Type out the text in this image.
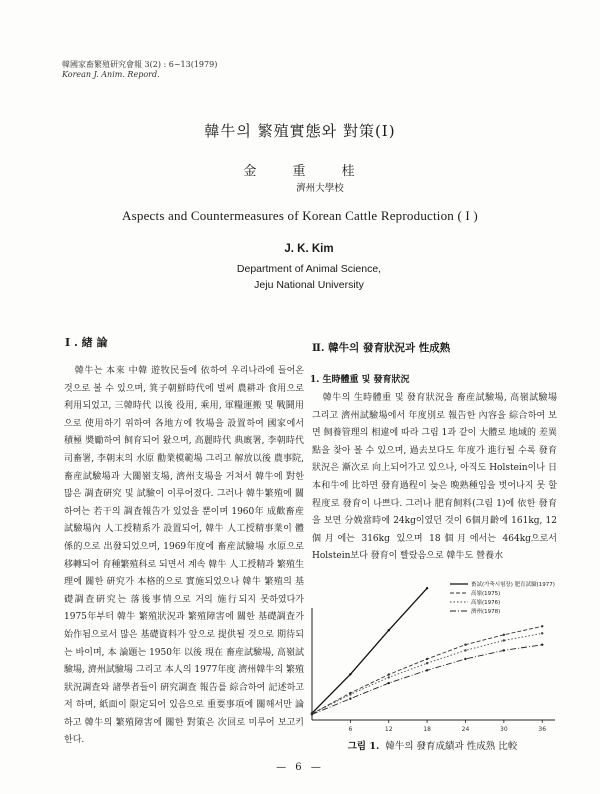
韓國家畜繁殖研究會報 3(2) : 6~13(1979)
Korean J. Anim. Repord.
韓牛의 繁殖實態와 對策(I)
金 重 桂
濟州大學校
Aspects and Countermeasures of Korean Cattle Reproduction ( I )
J. K. Kim
Department of Animal Science,
Jeju National University
I . 緖 論

韓牛는 本來 中韓 遊牧民들에 依하여 우리나라에 들어온 것으로 볼 수 있으며, 箕子朝鮮時代에 벌써 農耕과 食用으로 利用되었고, 三韓時代 以後 役用, 乘用, 軍糧運搬 및 戰鬪用으로 使用하기 위하여 各地方에 牧場을 設置하여 國家에서 積極 奬勵하여 飼育되어 왔으며, 高麗時代 典廐署, 李朝時代 司畜署, 李朝末의 水原 勸業模範場 그리고 解放以後 農事院, 畜産試驗場과 大關嶺支場, 濟州支場을 거쳐서 韓牛에 對한 많은 調査硏究 및 試驗이 이루어졌다. 그러나 韓牛繁殖에 關하여는 若干의 調査報告가 있었을 뿐이며 1960年 成歡畜産試驗場內 人工授精系가 設置되어, 韓牛 人工授精事業이 體係的으로 出發되었으며, 1969年度에 畜産試驗場 水原으로 移轉되어 育種繁殖科로 되면서 계속 韓牛 人工授精과 繁殖生理에 關한 硏究가 本格的으로 實施되었으나 韓牛 繁殖의 基礎調査硏究는 落後事情으로 거의 施行되지 못하였다가 1975年부터 韓牛 繁殖狀況과 繁殖障害에 關한 基礎調査가 始作됨으로서 많은 基礎資料가 앞으로 提供될 것으로 期待되는 바이며, 本 論題는 1950年 以後 現在 畜産試驗場, 高嶺試驗場, 濟州試驗場 그리고 本人의 1977年度 濟州韓牛의 繁殖狀況調査와 諸學者들이 硏究調査 報告를 綜合하여 記述하고저 하며, 紙面이 限定되어 있음으로 重要事項에 關해서만 論하고 韓牛의 繁殖障害에 關한 對策은 次回로 미루어 보고키 한다.

Ⅱ. 韓牛의 發育狀況과 性成熟
1. 生時體重 및 發育狀況

韓牛의 生時體重 및 發育狀況을 畜産試驗場, 高嶺試驗場 그리고 濟州試驗場에서 年度別로 報告한 內容을 綜合하여 보면 飼養管理의 相違에 따라 그림 1과 같이 大體로 地域的 差異點을 찾아 볼 수 있으며, 過去보다도 年度가 進行될 수록 發育狀況은 漸次로 向上되어가고 있으나, 아직도 Holstein이나 日本和牛에 比하면 發育過程이 늦은 晩熟種임을 벗어나지 못 할 程度로 發育이 나쁘다. 그러나 肥育飼料(그림 1)에 依한 發育을 보면 分娩當時에 24kg이였던 것이 6個月齡에 161kg, 12個月에는 316kg 있으며 18個月에서는 464kg으로서 Holstein보다 發育이 빨랐음으로 韓牛도 營養水

6	12	18	24	30	36
畜試(가축시험장) 肥育試驗(1977)
高嶺(1975)
高嶺(1976)
濟州(1978)
그림 1. 韓牛의 發育成績과 性成熟 比較
— 6 —
